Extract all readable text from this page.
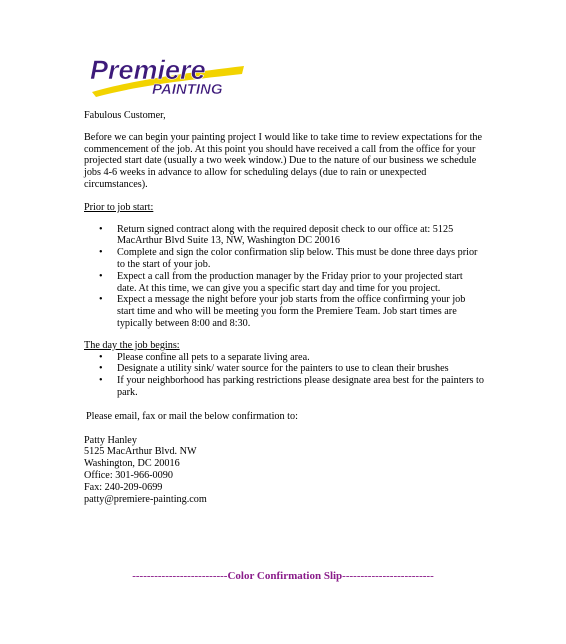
Premiere
PAINTING

Fabulous Customer,

Before we can begin your painting project I would like to take time to review expectations for the commencement of the job. At this point you should have received a call from the office for your projected start date (usually a two week window.) Due to the nature of our business we schedule jobs 4-6 weeks in advance to allow for scheduling delays (due to rain or unexpected circumstances).

Prior to job start:

• Return signed contract along with the required deposit check to our office at: 5125 MacArthur Blvd Suite 13, NW, Washington DC 20016
• Complete and sign the color confirmation slip below. This must be done three days prior to the start of your job.
• Expect a call from the production manager by the Friday prior to your projected start date. At this time, we can give you a specific start day and time for you project.
• Expect a message the night before your job starts from the office confirming your job start time and who will be meeting you form the Premiere Team. Job start times are typically between 8:00 and 8:30.

The day the job begins:

• Please confine all pets to a separate living area.
• Designate a utility sink/ water source for the painters to use to clean their brushes
• If your neighborhood has parking restrictions please designate area best for the painters to park.

Please email, fax or mail the below confirmation to:

Patty Hanley

5125 MacArthur Blvd. NW

Washington, DC 20016

Office: 301-966-0090

Fax: 240-209-0699

patty@premiere-painting.com

--------------------------Color Confirmation Slip-------------------------
